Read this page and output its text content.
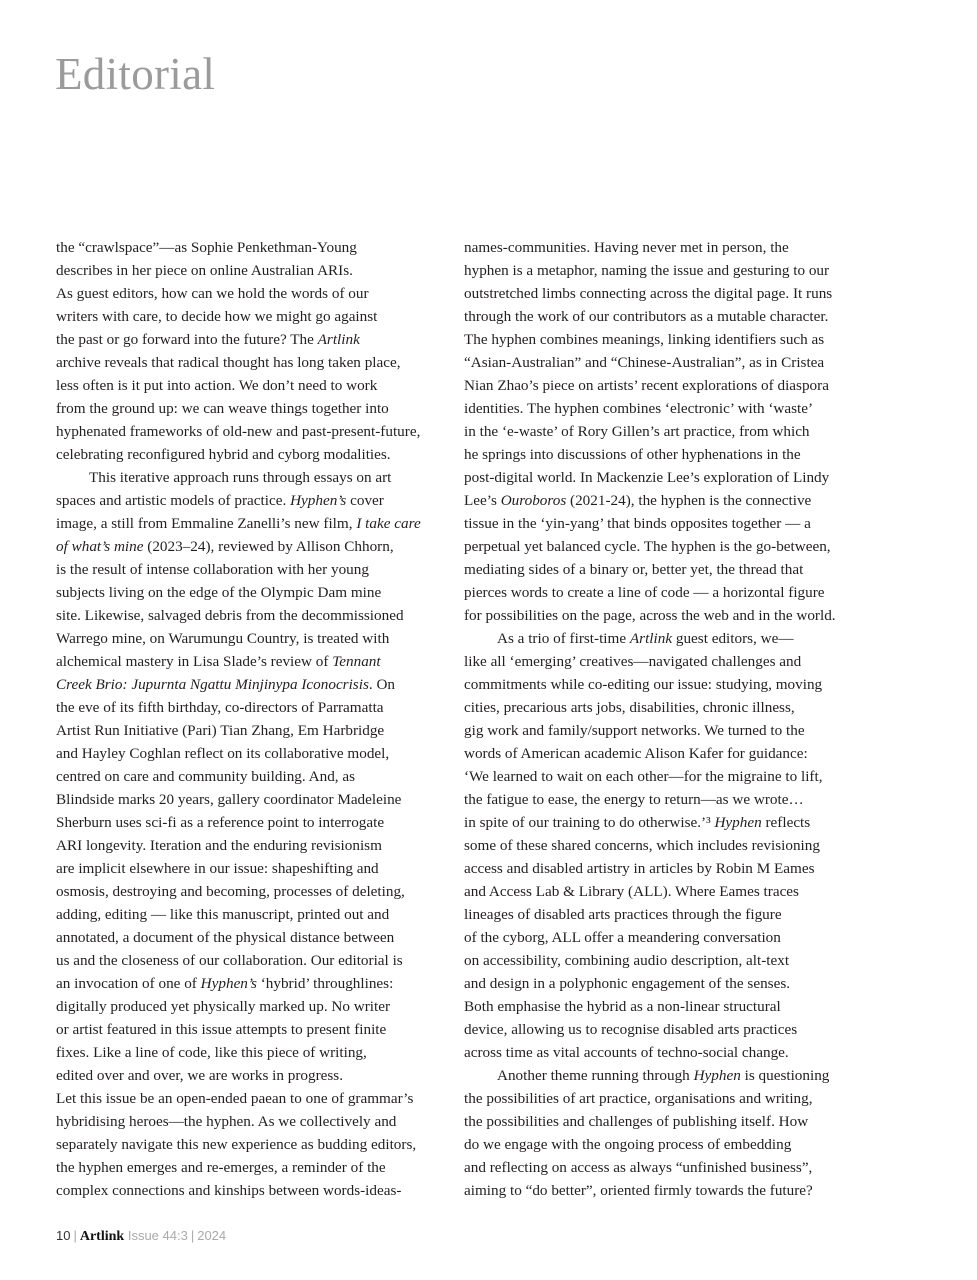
Editorial
the “crawlspace”—as Sophie Penkethman-Young
describes in her piece on online Australian ARIs.
As guest editors, how can we hold the words of our
writers with care, to decide how we might go against
the past or go forward into the future? The Artlink
archive reveals that radical thought has long taken place,
less often is it put into action. We don’t need to work
from the ground up: we can weave things together into
hyphenated frameworks of old-new and past-present-future,
celebrating reconfigured hybrid and cyborg modalities.
This iterative approach runs through essays on art
spaces and artistic models of practice. Hyphen’s cover
image, a still from Emmaline Zanelli’s new film, I take care
of what’s mine (2023–24), reviewed by Allison Chhorn,
is the result of intense collaboration with her young
subjects living on the edge of the Olympic Dam mine
site. Likewise, salvaged debris from the decommissioned
Warrego mine, on Warumungu Country, is treated with
alchemical mastery in Lisa Slade’s review of Tennant
Creek Brio: Jupurnta Ngattu Minjinypa Iconocrisis. On
the eve of its fifth birthday, co-directors of Parramatta
Artist Run Initiative (Pari) Tian Zhang, Em Harbridge
and Hayley Coghlan reflect on its collaborative model,
centred on care and community building. And, as
Blindside marks 20 years, gallery coordinator Madeleine
Sherburn uses sci-fi as a reference point to interrogate
ARI longevity. Iteration and the enduring revisionism
are implicit elsewhere in our issue: shapeshifting and
osmosis, destroying and becoming, processes of deleting,
adding, editing — like this manuscript, printed out and
annotated, a document of the physical distance between
us and the closeness of our collaboration. Our editorial is
an invocation of one of Hyphen’s ‘hybrid’ throughlines:
digitally produced yet physically marked up. No writer
or artist featured in this issue attempts to present finite
fixes. Like a line of code, like this piece of writing,
edited over and over, we are works in progress.
Let this issue be an open-ended paean to one of grammar’s
hybridising heroes—the hyphen. As we collectively and
separately navigate this new experience as budding editors,
the hyphen emerges and re-emerges, a reminder of the
complex connections and kinships between words-ideas-
names-communities. Having never met in person, the
hyphen is a metaphor, naming the issue and gesturing to our
outstretched limbs connecting across the digital page. It runs
through the work of our contributors as a mutable character.
The hyphen combines meanings, linking identifiers such as
“Asian-Australian” and “Chinese-Australian”, as in Cristea
Nian Zhao’s piece on artists’ recent explorations of diaspora
identities. The hyphen combines ‘electronic’ with ‘waste’
in the ‘e-waste’ of Rory Gillen’s art practice, from which
he springs into discussions of other hyphenations in the
post-digital world. In Mackenzie Lee’s exploration of Lindy
Lee’s Ouroboros (2021-24), the hyphen is the connective
tissue in the ‘yin-yang’ that binds opposites together — a
perpetual yet balanced cycle. The hyphen is the go-between,
mediating sides of a binary or, better yet, the thread that
pierces words to create a line of code — a horizontal figure
for possibilities on the page, across the web and in the world.
As a trio of first-time Artlink guest editors, we—
like all ‘emerging’ creatives—navigated challenges and
commitments while co-editing our issue: studying, moving
cities, precarious arts jobs, disabilities, chronic illness,
gig work and family/support networks. We turned to the
words of American academic Alison Kafer for guidance:
‘We learned to wait on each other—for the migraine to lift,
the fatigue to ease, the energy to return—as we wrote…
in spite of our training to do otherwise.’³ Hyphen reflects
some of these shared concerns, which includes revisioning
access and disabled artistry in articles by Robin M Eames
and Access Lab & Library (ALL). Where Eames traces
lineages of disabled arts practices through the figure
of the cyborg, ALL offer a meandering conversation
on accessibility, combining audio description, alt-text
and design in a polyphonic engagement of the senses.
Both emphasise the hybrid as a non-linear structural
device, allowing us to recognise disabled arts practices
across time as vital accounts of techno-social change.
Another theme running through Hyphen is questioning
the possibilities of art practice, organisations and writing,
the possibilities and challenges of publishing itself. How
do we engage with the ongoing process of embedding
and reflecting on access as always “unfinished business”,
aiming to “do better”, oriented firmly towards the future?
10 | Artlink Issue 44:3 | 2024
